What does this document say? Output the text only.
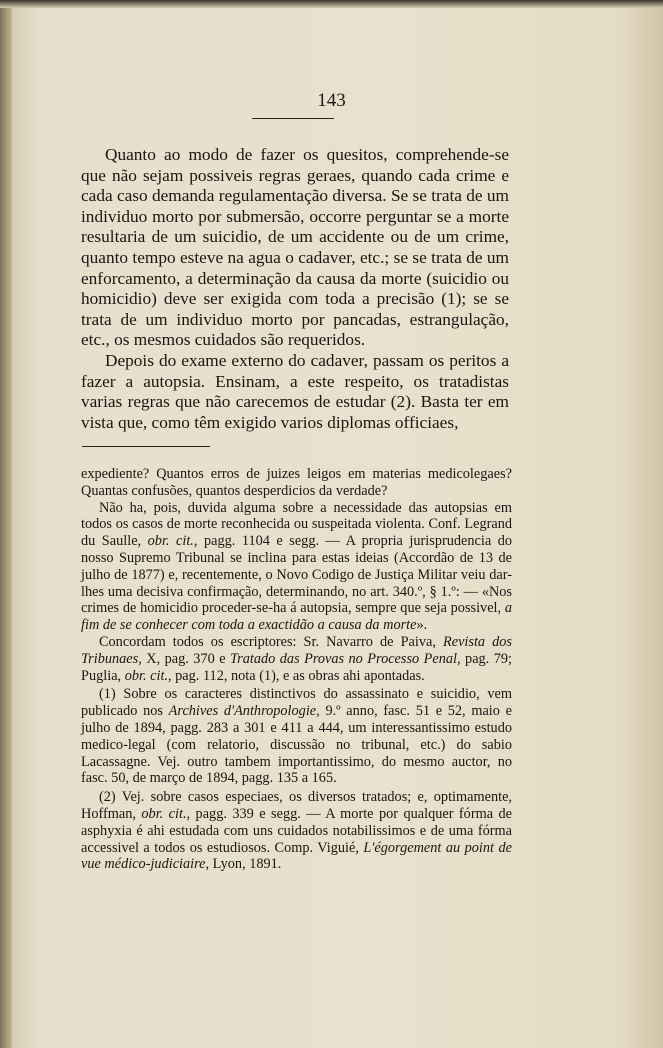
143

Quanto ao modo de fazer os quesitos, comprehende-se que não sejam possiveis regras geraes, quando cada crime e cada caso demanda regulamentação diversa. Se se trata de um individuo morto por submersão, occorre perguntar se a morte resultaria de um suicidio, de um accidente ou de um crime, quanto tempo esteve na agua o cadaver, etc.; se se trata de um enforcamento, a determinação da causa da morte (suicidio ou homicidio) deve ser exigida com toda a precisão (1); se se trata de um individuo morto por pancadas, estrangulação, etc., os mesmos cuidados são requeridos.

Depois do exame externo do cadaver, passam os peritos a fazer a autopsia. Ensinam, a este respeito, os tratadistas varias regras que não carecemos de estudar (2). Basta ter em vista que, como têm exigido varios diplomas officiaes,

expediente? Quantos erros de juizes leigos em materias medicolegaes? Quantas confusões, quantos desperdicios da verdade?

Não ha, pois, duvida alguma sobre a necessidade das autopsias em todos os casos de morte reconhecida ou suspeitada violenta. Conf. Legrand du Saulle, obr. cit., pagg. 1104 e segg. — A propria jurisprudencia do nosso Supremo Tribunal se inclina para estas ideias (Accordão de 13 de julho de 1877) e, recentemente, o Novo Codigo de Justiça Militar veiu dar-lhes uma decisiva confirmação, determinando, no art. 340.º, § 1.º: — «Nos crimes de homicidio proceder-se-ha á autopsia, sempre que seja possivel, a fim de se conhecer com toda a exactidão a causa da morte».

Concordam todos os escriptores: Sr. Navarro de Paiva, Revista dos Tribunaes, X, pag. 370 e Tratado das Provas no Processo Penal, pag. 79; Puglia, obr. cit., pag. 112, nota (1), e as obras ahi apontadas.

(1) Sobre os caracteres distinctivos do assassinato e suicidio, vem publicado nos Archives d'Anthropologie, 9.º anno, fasc. 51 e 52, maio e julho de 1894, pagg. 283 a 301 e 411 a 444, um interessantissimo estudo medico-legal (com relatorio, discussão no tribunal, etc.) do sabio Lacassagne. Vej. outro tambem importantissimo, do mesmo auctor, no fasc. 50, de março de 1894, pagg. 135 a 165.

(2) Vej. sobre casos especiaes, os diversos tratados; e, optimamente, Hoffman, obr. cit., pagg. 339 e segg. — A morte por qualquer fórma de asphyxia é ahi estudada com uns cuidados notabilissimos e de uma fórma accessivel a todos os estudiosos. Comp. Viguié, L'égorgement au point de vue médico-judiciaire, Lyon, 1891.
